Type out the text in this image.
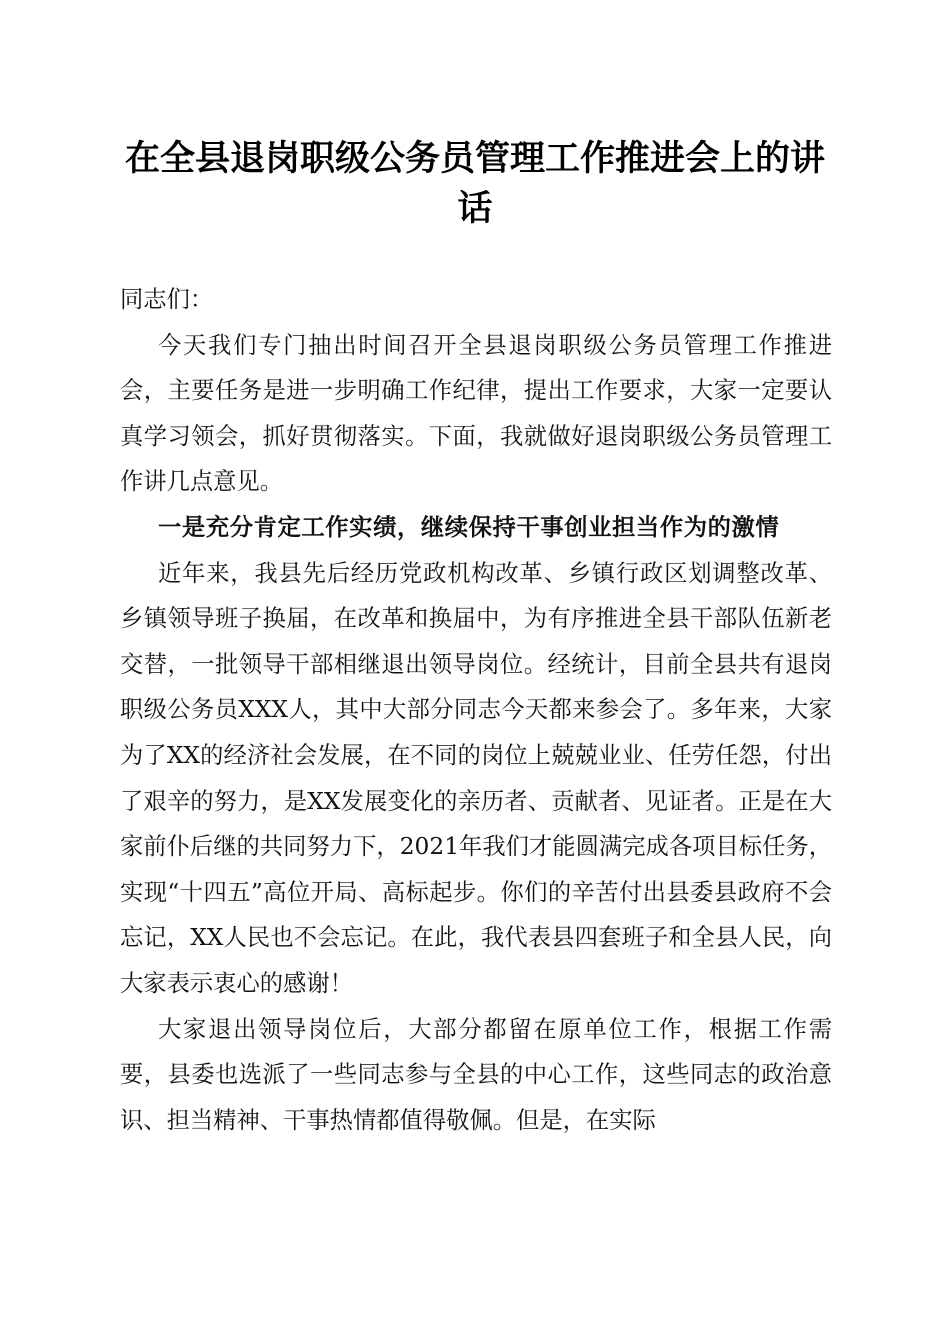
在全县退岗职级公务员管理工作推进会上的讲话

同志们：

今天我们专门抽出时间召开全县退岗职级公务员管理工作推进会，主要任务是进一步明确工作纪律，提出工作要求，大家一定要认真学习领会，抓好贯彻落实。下面，我就做好退岗职级公务员管理工作讲几点意见。

一是充分肯定工作实绩，继续保持干事创业担当作为的激情

近年来，我县先后经历党政机构改革、乡镇行政区划调整改革、乡镇领导班子换届，在改革和换届中，为有序推进全县干部队伍新老交替，一批领导干部相继退出领导岗位。经统计，目前全县共有退岗职级公务员XXX人，其中大部分同志今天都来参会了。多年来，大家为了XX的经济社会发展，在不同的岗位上兢兢业业、任劳任怨，付出了艰辛的努力，是XX发展变化的亲历者、贡献者、见证者。正是在大家前仆后继的共同努力下，2021年我们才能圆满完成各项目标任务，实现“十四五”高位开局、高标起步。你们的辛苦付出县委县政府不会忘记，XX人民也不会忘记。在此，我代表县四套班子和全县人民，向大家表示衷心的感谢！

大家退出领导岗位后，大部分都留在原单位工作，根据工作需要，县委也选派了一些同志参与全县的中心工作，这些同志的政治意识、担当精神、干事热情都值得敬佩。但是，在实际
